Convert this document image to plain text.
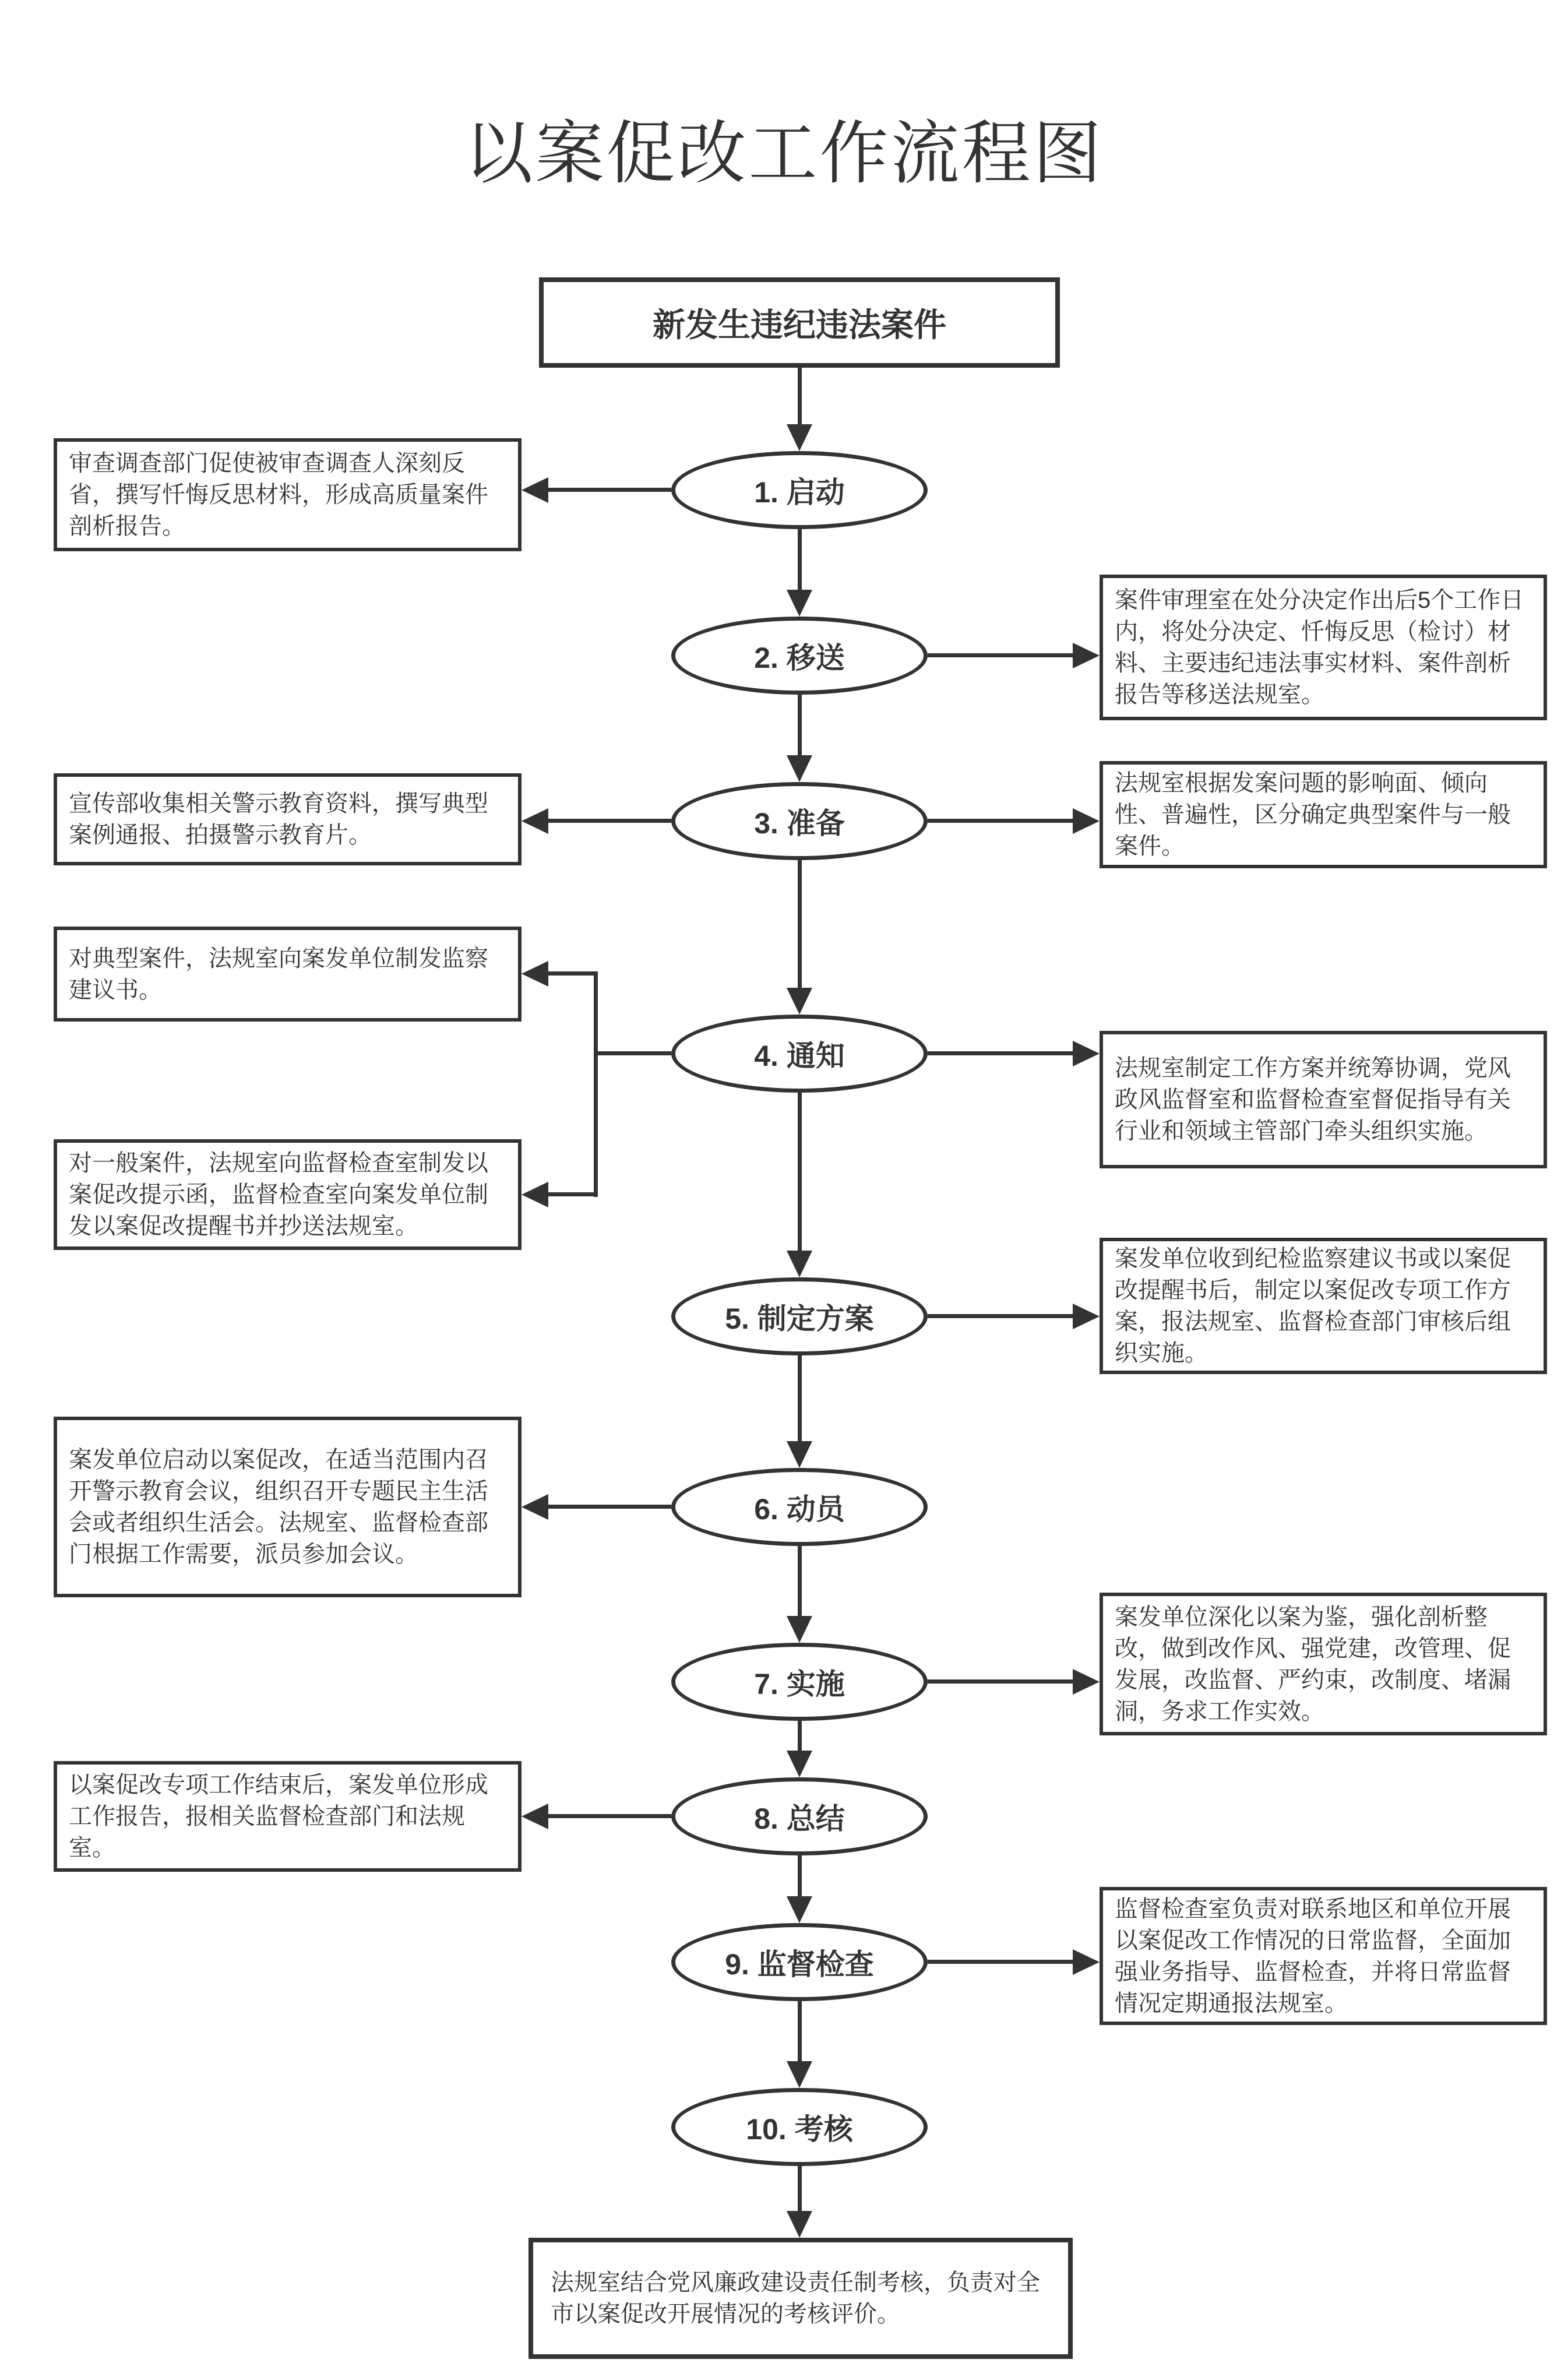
以案促改工作流程图
新发生违纪违法案件
1. 启动
2. 移送
3. 准备
4. 通知
5. 制定方案
6. 动员
7. 实施
8. 总结
9. 监督检查
10. 考核
审查调查部门促使被审查调查人深刻反省，撰写忏悔反思材料，形成高质量案件剖析报告。
宣传部收集相关警示教育资料，撰写典型案例通报、拍摄警示教育片。
对典型案件，法规室向案发单位制发监察建议书。
对一般案件，法规室向监督检查室制发以案促改提示函，监督检查室向案发单位制发以案促改提醒书并抄送法规室。
案发单位启动以案促改，在适当范围内召开警示教育会议，组织召开专题民主生活会或者组织生活会。法规室、监督检查部门根据工作需要，派员参加会议。
以案促改专项工作结束后，案发单位形成工作报告，报相关监督检查部门和法规室。
案件审理室在处分决定作出后5个工作日内，将处分决定、忏悔反思（检讨）材料、主要违纪违法事实材料、案件剖析报告等移送法规室。
法规室根据发案问题的影响面、倾向性、普遍性，区分确定典型案件与一般案件。
法规室制定工作方案并统筹协调，党风政风监督室和监督检查室督促指导有关行业和领域主管部门牵头组织实施。
案发单位收到纪检监察建议书或以案促改提醒书后，制定以案促改专项工作方案，报法规室、监督检查部门审核后组织实施。
案发单位深化以案为鉴，强化剖析整改，做到改作风、强党建，改管理、促发展，改监督、严约束，改制度、堵漏洞，务求工作实效。
监督检查室负责对联系地区和单位开展以案促改工作情况的日常监督，全面加强业务指导、监督检查，并将日常监督情况定期通报法规室。
法规室结合党风廉政建设责任制考核，负责对全市以案促改开展情况的考核评价。
